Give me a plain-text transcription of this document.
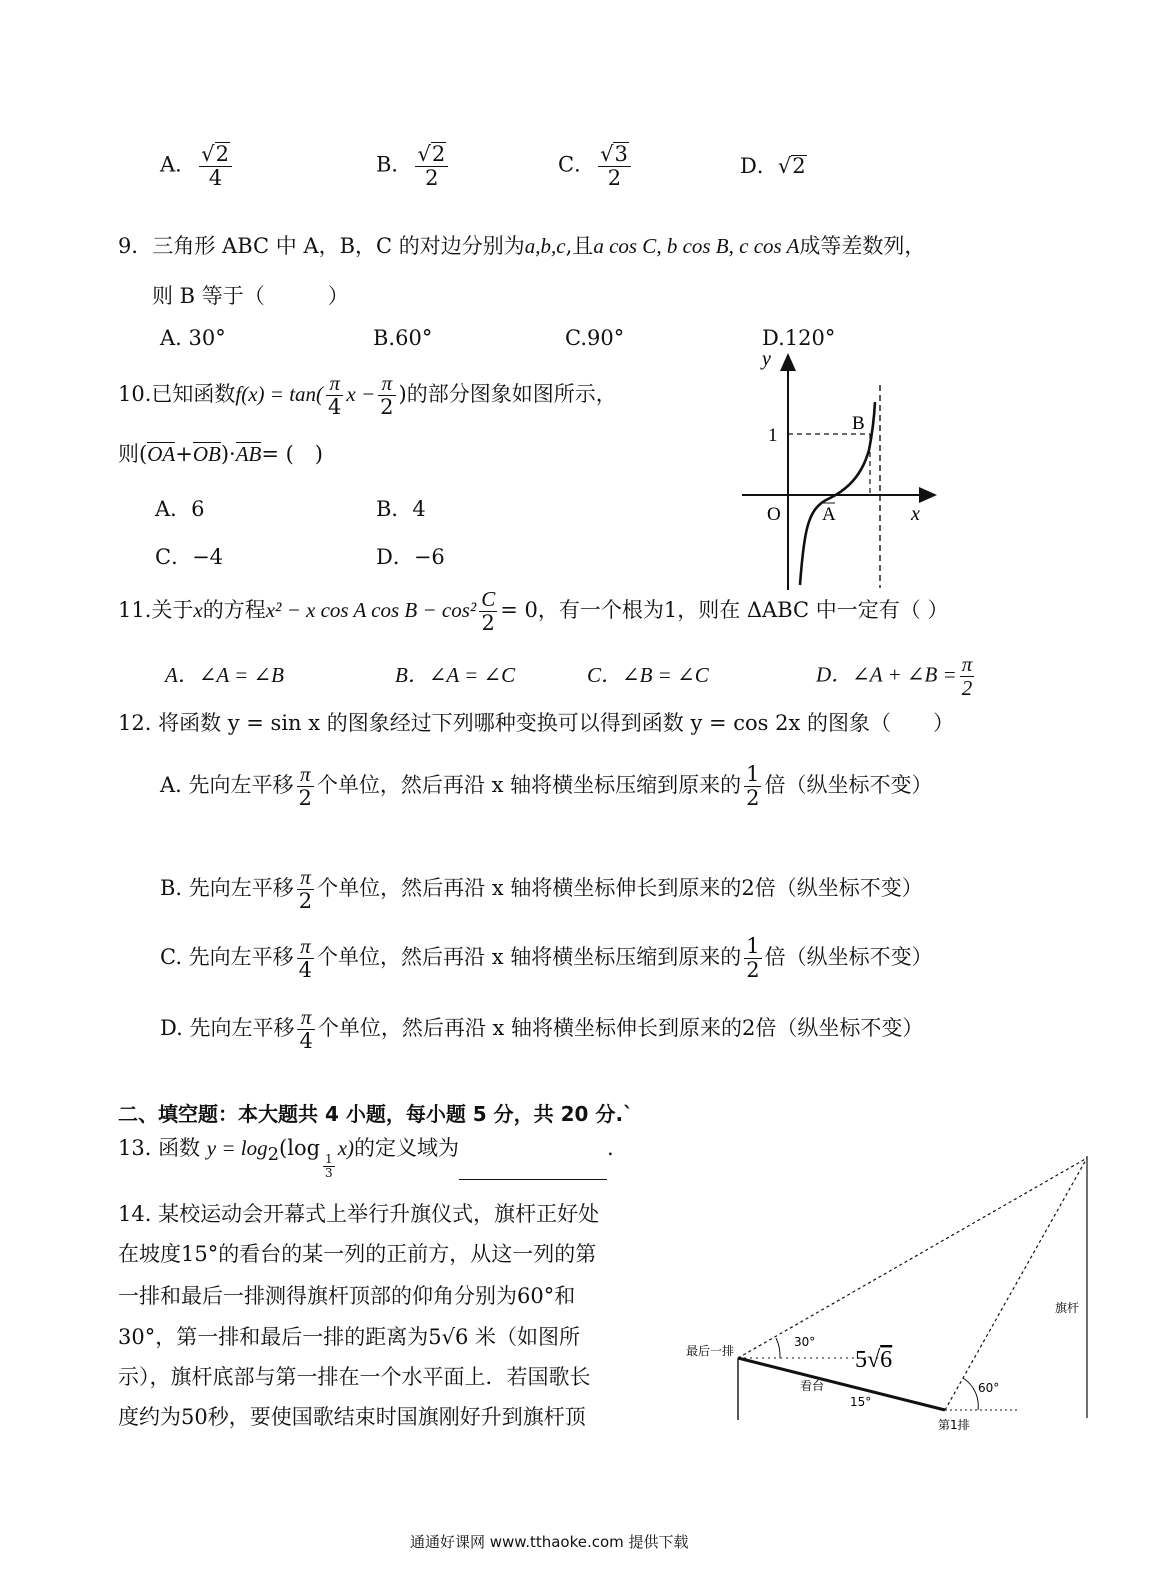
A． $\frac{√2}{4}$	B． $\frac{√2}{2}$	C． $\frac{√3}{2}$	D．√2
9．三角形 ABC 中 A，B，C 的对边分别为a,b,c,且a cos C, b cos B, c cos A成等差数列，
则 B 等于（　　　）
A. 30°	B.60°	C.90°	D.120°
10.已知函数$f(x) = \tan( \frac{\pi}{4}$ $x - \frac{\pi}{2}$ )的部分图象如图所示，
则(OA+OB)·AB= (　)
A．6	B．4
C．−4	D．−6
y
x
O A
B
1
11.关于x的方程x² − x cos A $\cos B - \cos^2 \frac{C}{2} = 0$，有一个根为1，则在 ΔABC 中一定有（ ）
A．∠A = ∠B	B．∠A = ∠C	C．∠B = ∠C	D．∠A + ∠B = $\frac{\pi}{2}$
12. 将函数 y = sin x 的图象经过下列哪种变换可以得到函数 y = cos 2x 的图象（　　）
A. 先向左平移 $\frac{\pi}{2}$ 个单位，然后再沿 x 轴将横坐标压缩到原来的 $\frac{1}{2}$ 倍（纵坐标不变）
B. 先向左平移 $\frac{\pi}{2}$ 个单位，然后再沿 x 轴将横坐标伸长到原来的2倍（纵坐标不变）
C. 先向左平移 $\frac{\pi}{4}$ 个单位，然后再沿 x 轴将横坐标压缩到原来的 $\frac{1}{2}$ 倍（纵坐标不变）
D. 先向左平移 $\frac{\pi}{4}$ 个单位，然后再沿 x 轴将横坐标伸长到原来的2倍（纵坐标不变）
二、填空题：本大题共 4 小题，每小题 5 分，共 20 分.`
13. 函数 $y = \log_2(\log$
$\frac{1}{3}$
x)的定义域为	.
14. 某校运动会开幕式上举行升旗仪式，旗杆正好处
在坡度15°的看台的某一列的正前方，从这一列的第
一排和最后一排测得旗杆顶部的仰角分别为60°和
30°，第一排和最后一排的距离为5√6 米（如图所
示），旗杆底部与第一排在一个水平面上．若国歌长
度约为50秒，要使国歌结束时国旗刚好升到旗杆顶
最后一排
第1排
看台
旗杆
30°
60°
15°
5√6
通通好课网 www.tthaoke.com 提供下载
